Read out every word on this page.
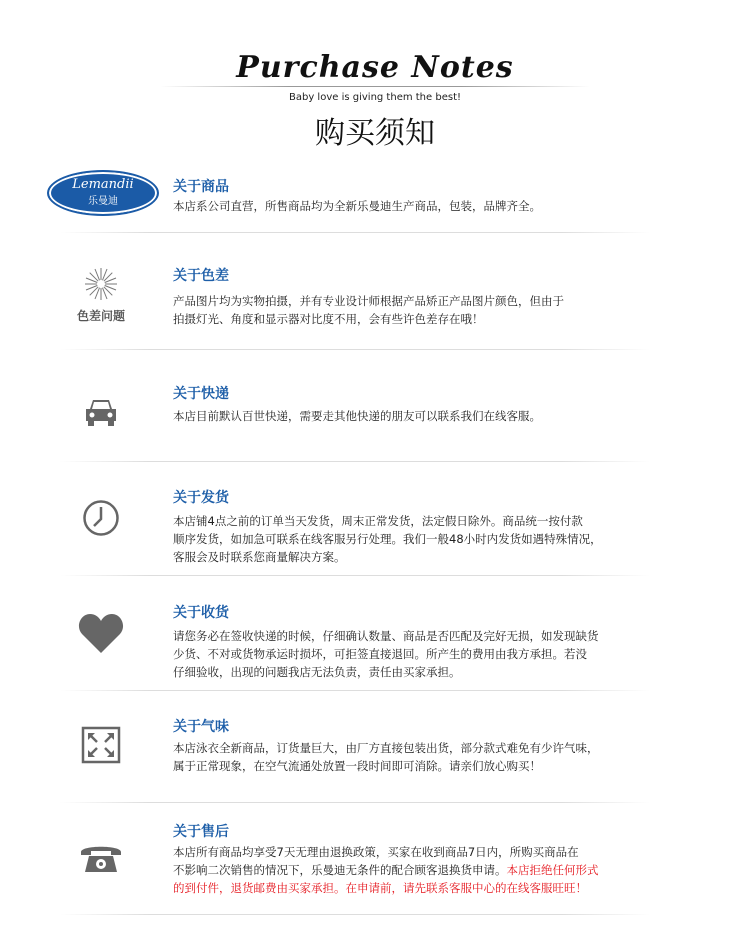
Purchase Notes
Baby love is giving them the best!
购买须知
Lemandii
乐曼迪
关于商品
本店系公司直营，所售商品均为全新乐曼迪生产商品，包装，品牌齐全。
色差问题
关于色差
产品图片均为实物拍摄，并有专业设计师根据产品矫正产品图片颜色，但由于
拍摄灯光、角度和显示器对比度不用，会有些许色差存在哦！
关于快递
本店目前默认百世快递，需要走其他快递的朋友可以联系我们在线客服。
关于发货
本店铺4点之前的订单当天发货，周末正常发货，法定假日除外。商品统一按付款
顺序发货，如加急可联系在线客服另行处理。我们一般48小时内发货如遇特殊情况，
客服会及时联系您商量解决方案。
关于收货
请您务必在签收快递的时候，仔细确认数量、商品是否匹配及完好无损，如发现缺货
少货、不对或货物承运时损坏，可拒签直接退回。所产生的费用由我方承担。若没
仔细验收，出现的问题我店无法负责，责任由买家承担。
关于气味
本店泳衣全新商品，订货量巨大，由厂方直接包装出货，部分款式难免有少许气味，
属于正常现象，在空气流通处放置一段时间即可消除。请亲们放心购买！
关于售后
本店所有商品均享受7天无理由退换政策，买家在收到商品7日内，所购买商品在
不影响二次销售的情况下，乐曼迪无条件的配合顾客退换货申请。本店拒绝任何形式
的到付件，退货邮费由买家承担。在申请前，请先联系客服中心的在线客服旺旺！
